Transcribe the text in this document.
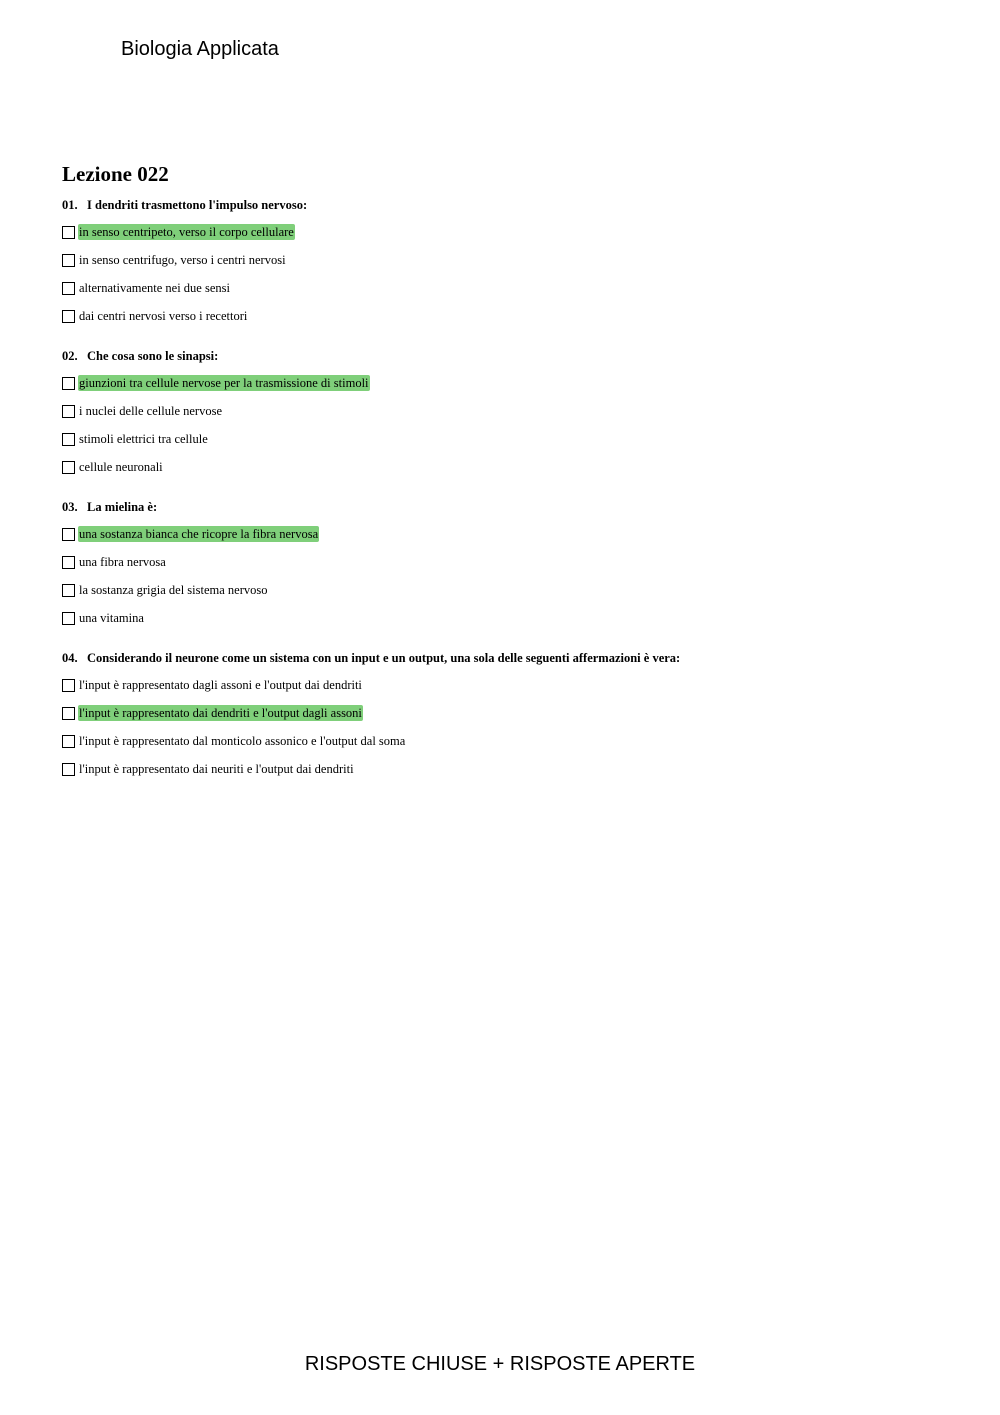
Biologia Applicata
Lezione 022
01. I dendriti trasmettono l'impulso nervoso:
in senso centripeto, verso il corpo cellulare
in senso centrifugo, verso i centri nervosi
alternativamente nei due sensi
dai centri nervosi verso i recettori
02. Che cosa sono le sinapsi:
giunzioni tra cellule nervose per la trasmissione di stimoli
i nuclei delle cellule nervose
stimoli elettrici tra cellule
cellule neuronali
03. La mielina è:
una sostanza bianca che ricopre la fibra nervosa
una fibra nervosa
la sostanza grigia del sistema nervoso
una vitamina
04. Considerando il neurone come un sistema con un input e un output, una sola delle seguenti affermazioni è vera:
l'input è rappresentato dagli assoni e l'output dai dendriti
l'input è rappresentato dai dendriti e l'output dagli assoni
l'input è rappresentato dal monticolo assonico e l'output dal soma
l'input è rappresentato dai neuriti e l'output dai dendriti
RISPOSTE CHIUSE + RISPOSTE APERTE
